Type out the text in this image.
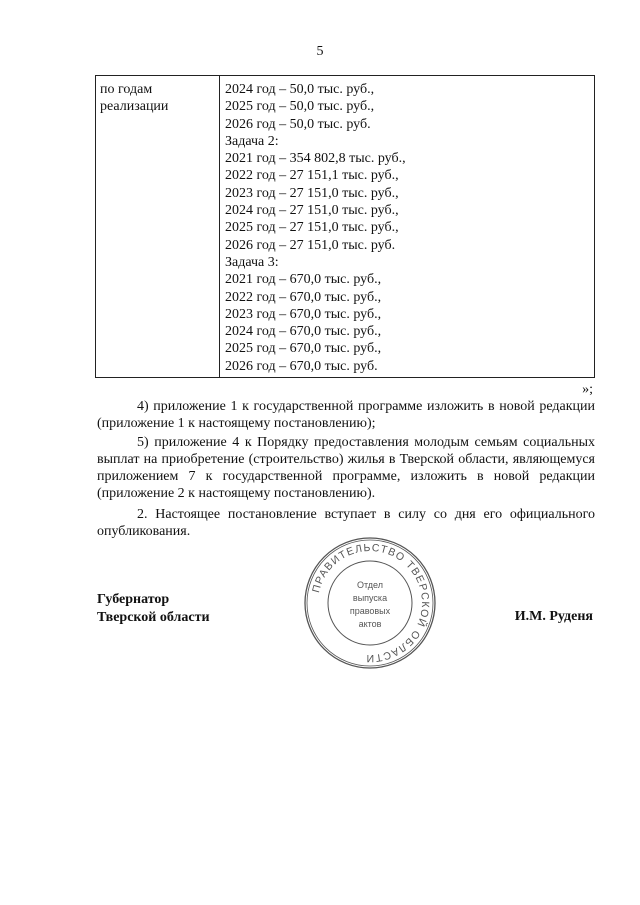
5
по годам
реализации
2024 год – 50,0 тыс. руб.,
2025 год – 50,0 тыс. руб.,
2026 год – 50,0 тыс. руб.
Задача 2:
2021 год – 354 802,8 тыс. руб.,
2022 год – 27 151,1 тыс. руб.,
2023 год – 27 151,0 тыс. руб.,
2024 год – 27 151,0 тыс. руб.,
2025 год – 27 151,0 тыс. руб.,
2026 год – 27 151,0 тыс. руб.
Задача 3:
2021 год – 670,0 тыс. руб.,
2022 год – 670,0 тыс. руб.,
2023 год – 670,0 тыс. руб.,
2024 год – 670,0 тыс. руб.,
2025 год – 670,0 тыс. руб.,
2026 год – 670,0 тыс. руб.
»;
4) приложение 1 к государственной программе изложить в новой редакции (приложение 1 к настоящему постановлению);
5) приложение 4 к Порядку предоставления молодым семьям социальных выплат на приобретение (строительство) жилья в Тверской области, являющемуся приложением 7 к государственной программе, изложить в новой редакции (приложение 2 к настоящему постановлению).
2. Настоящее постановление вступает в силу со дня его официального опубликования.
Губернатор
Тверской области
ПРАВИТЕЛЬСТВО ТВЕРСКОЙ ОБЛАСТИ
Отдел
выпуска
правовых
актов	И.М. Руденя
